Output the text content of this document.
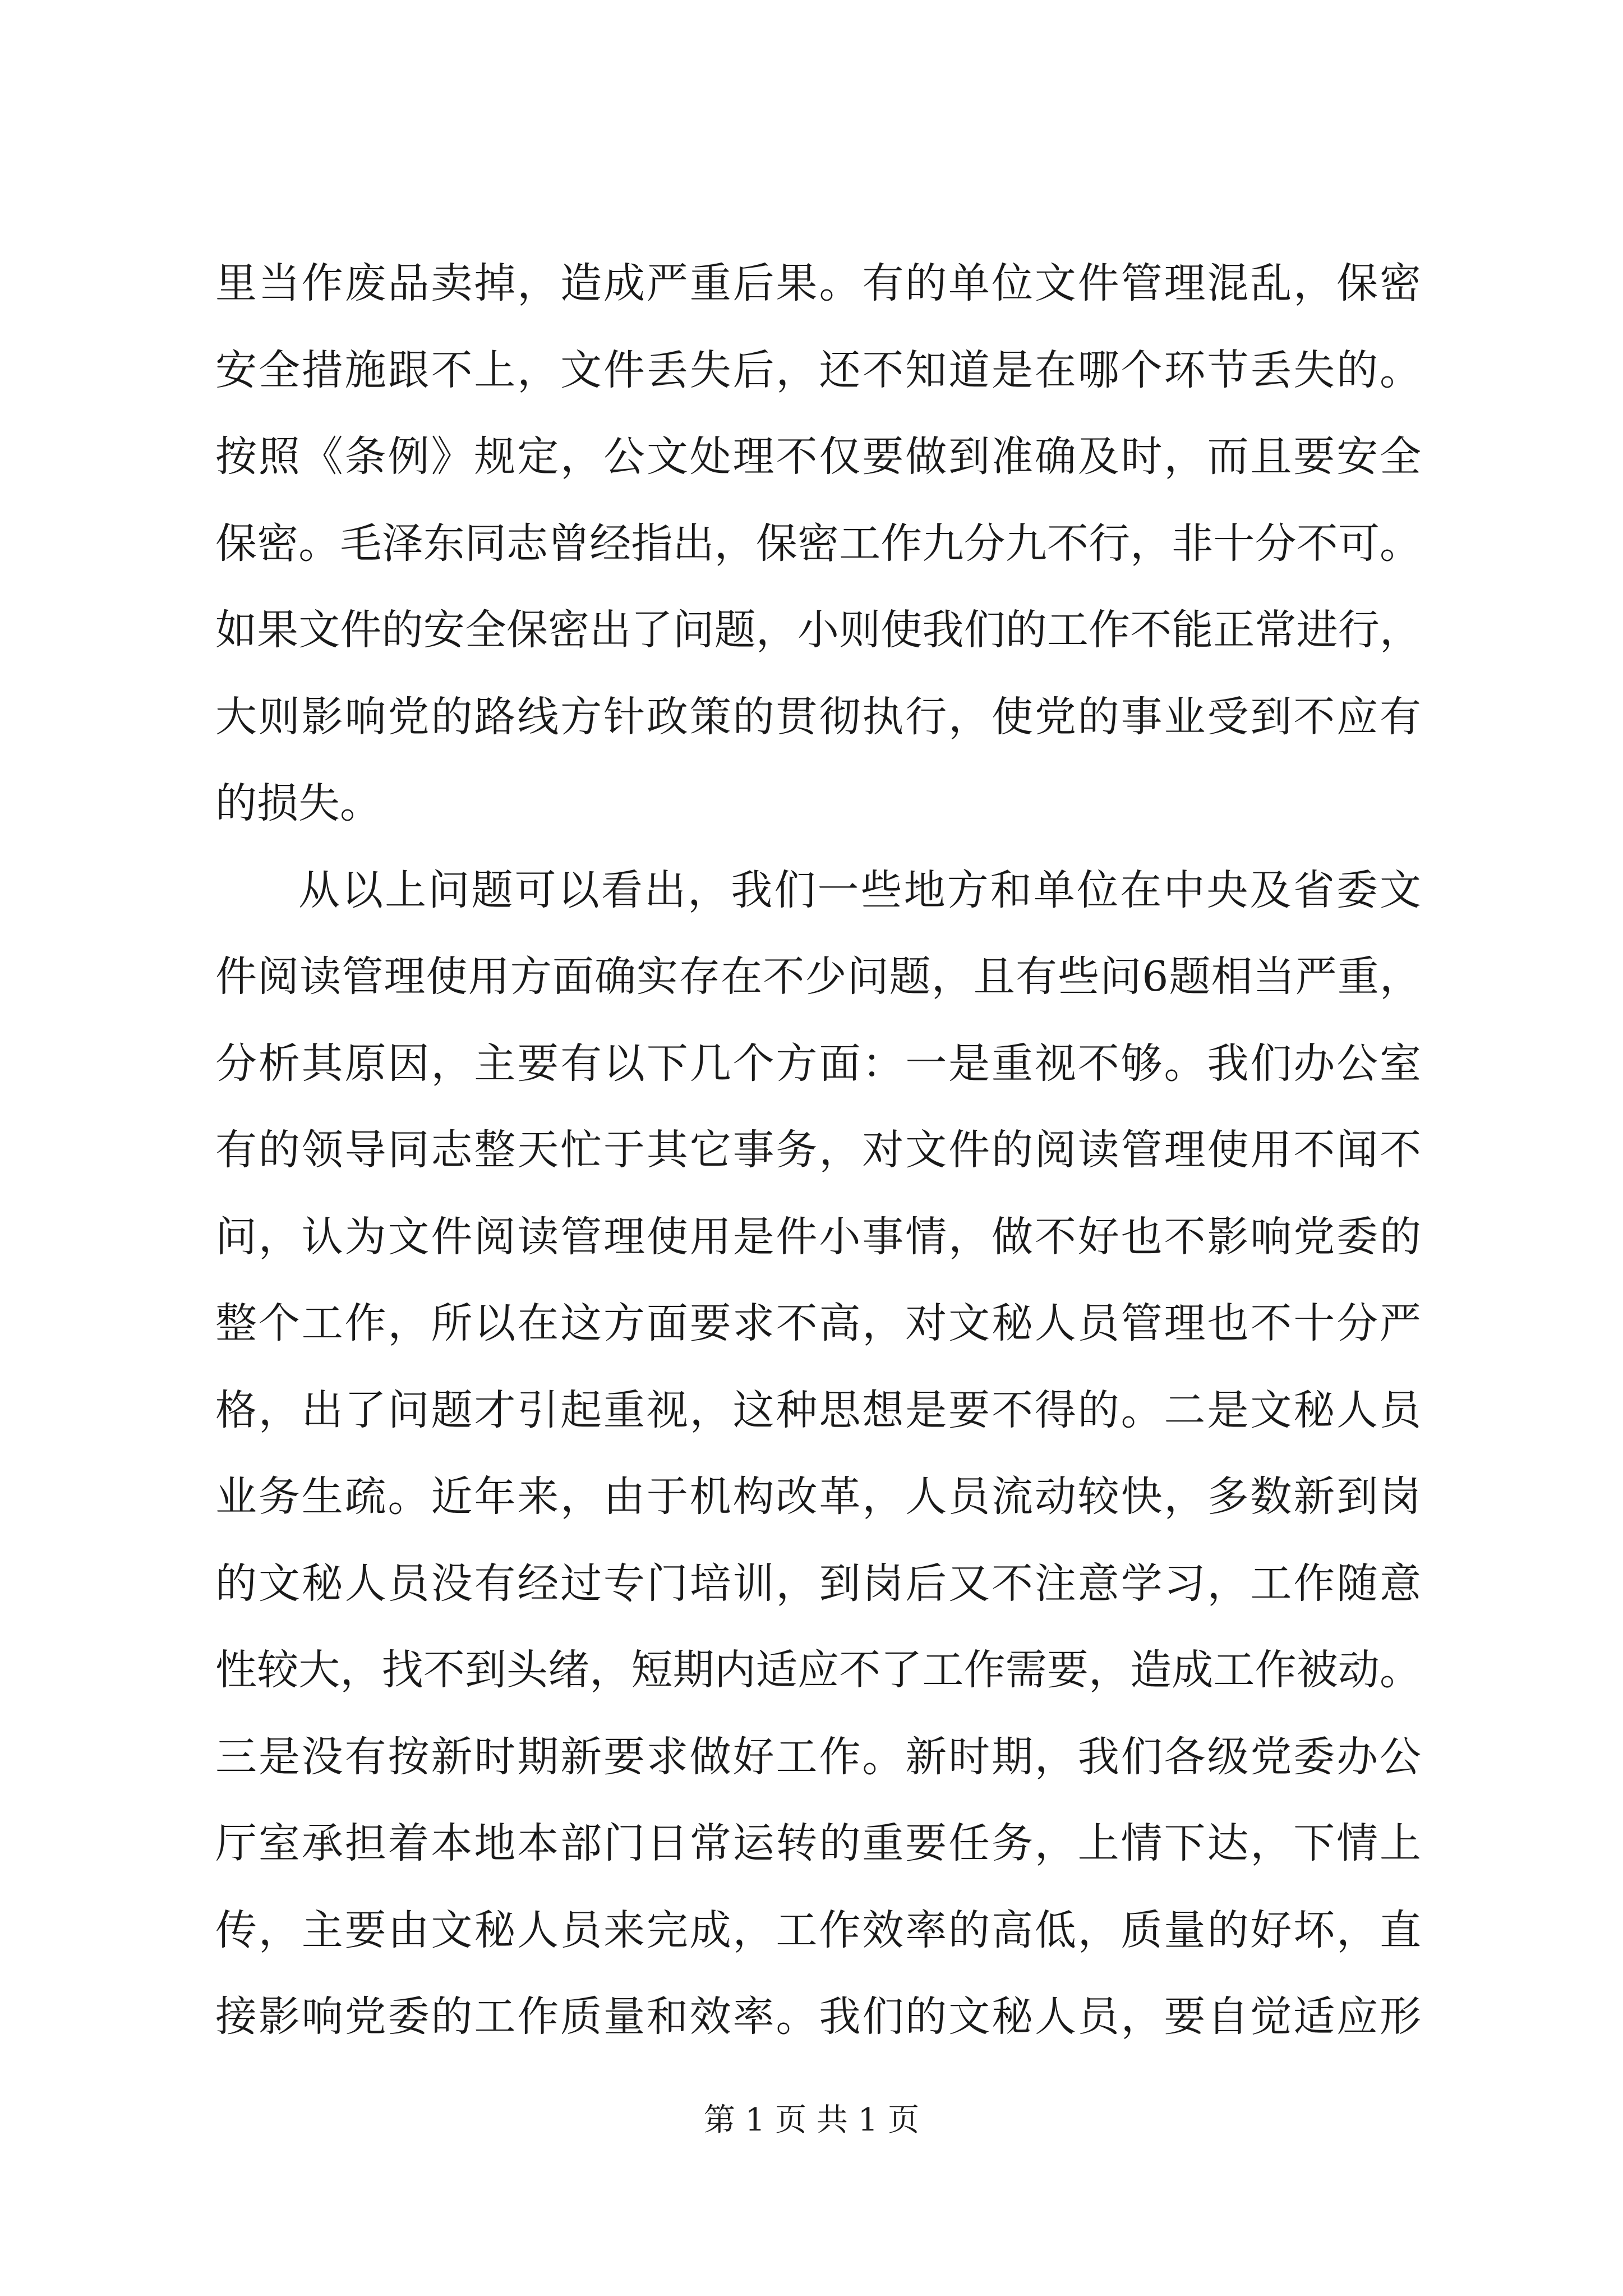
里当作废品卖掉，造成严重后果。有的单位文件管理混乱，保密
安全措施跟不上，文件丢失后，还不知道是在哪个环节丢失的。
按照《条例》规定，公文处理不仅要做到准确及时，而且要安全
保密。毛泽东同志曾经指出，保密工作九分九不行，非十分不可。
如果文件的安全保密出了问题，小则使我们的工作不能正常进行，
大则影响党的路线方针政策的贯彻执行，使党的事业受到不应有
的损失。
从以上问题可以看出，我们一些地方和单位在中央及省委文
件阅读管理使用方面确实存在不少问题，且有些问6题相当严重，
分析其原因，主要有以下几个方面：一是重视不够。我们办公室
有的领导同志整天忙于其它事务，对文件的阅读管理使用不闻不
问，认为文件阅读管理使用是件小事情，做不好也不影响党委的
整个工作，所以在这方面要求不高，对文秘人员管理也不十分严
格，出了问题才引起重视，这种思想是要不得的。二是文秘人员
业务生疏。近年来，由于机构改革，人员流动较快，多数新到岗
的文秘人员没有经过专门培训，到岗后又不注意学习，工作随意
性较大，找不到头绪，短期内适应不了工作需要，造成工作被动。
三是没有按新时期新要求做好工作。新时期，我们各级党委办公
厅室承担着本地本部门日常运转的重要任务，上情下达，下情上
传，主要由文秘人员来完成，工作效率的高低，质量的好坏，直
接影响党委的工作质量和效率。我们的文秘人员，要自觉适应形
第 1 页 共 1 页
